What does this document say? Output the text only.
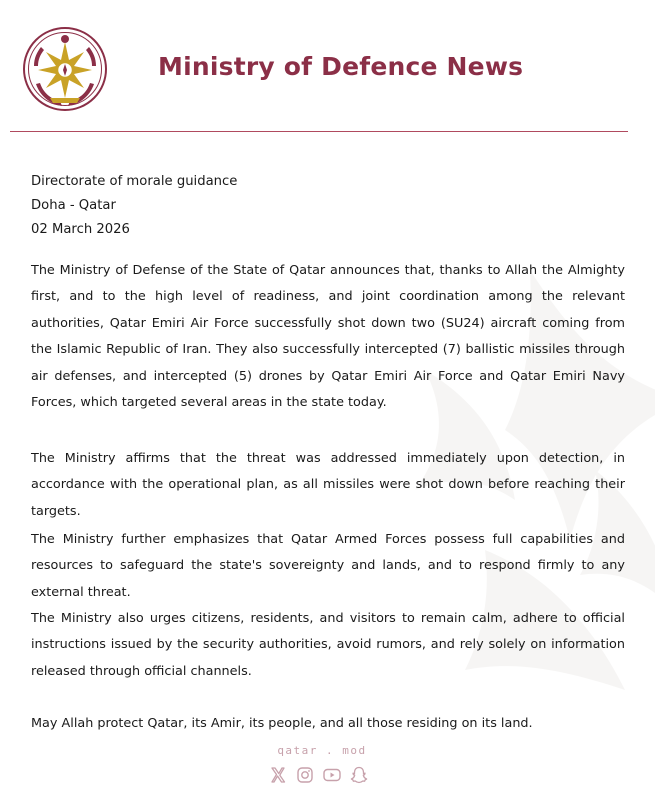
Ministry of Defence News
Directorate of morale guidance
Doha - Qatar
02 March 2026

The Ministry of Defense of the State of Qatar announces that, thanks to Allah the Almighty first, and to the high level of readiness, and joint coordination among the relevant authorities, Qatar Emiri Air Force successfully shot down two (SU24) aircraft coming from the Islamic Republic of Iran. They also successfully intercepted (7) ballistic missiles through air defenses, and intercepted (5) drones by Qatar Emiri Air Force and Qatar Emiri Navy Forces, which targeted several areas in the state today.

The Ministry affirms that the threat was addressed immediately upon detection, in accordance with the operational plan, as all missiles were shot down before reaching their targets.

The Ministry further emphasizes that Qatar Armed Forces possess full capabilities and resources to safeguard the state's sovereignty and lands, and to respond firmly to any external threat.

The Ministry also urges citizens, residents, and visitors to remain calm, adhere to official instructions issued by the security authorities, avoid rumors, and rely solely on information released through official channels.

May Allah protect Qatar, its Amir, its people, and all those residing on its land.

qatar . mod
